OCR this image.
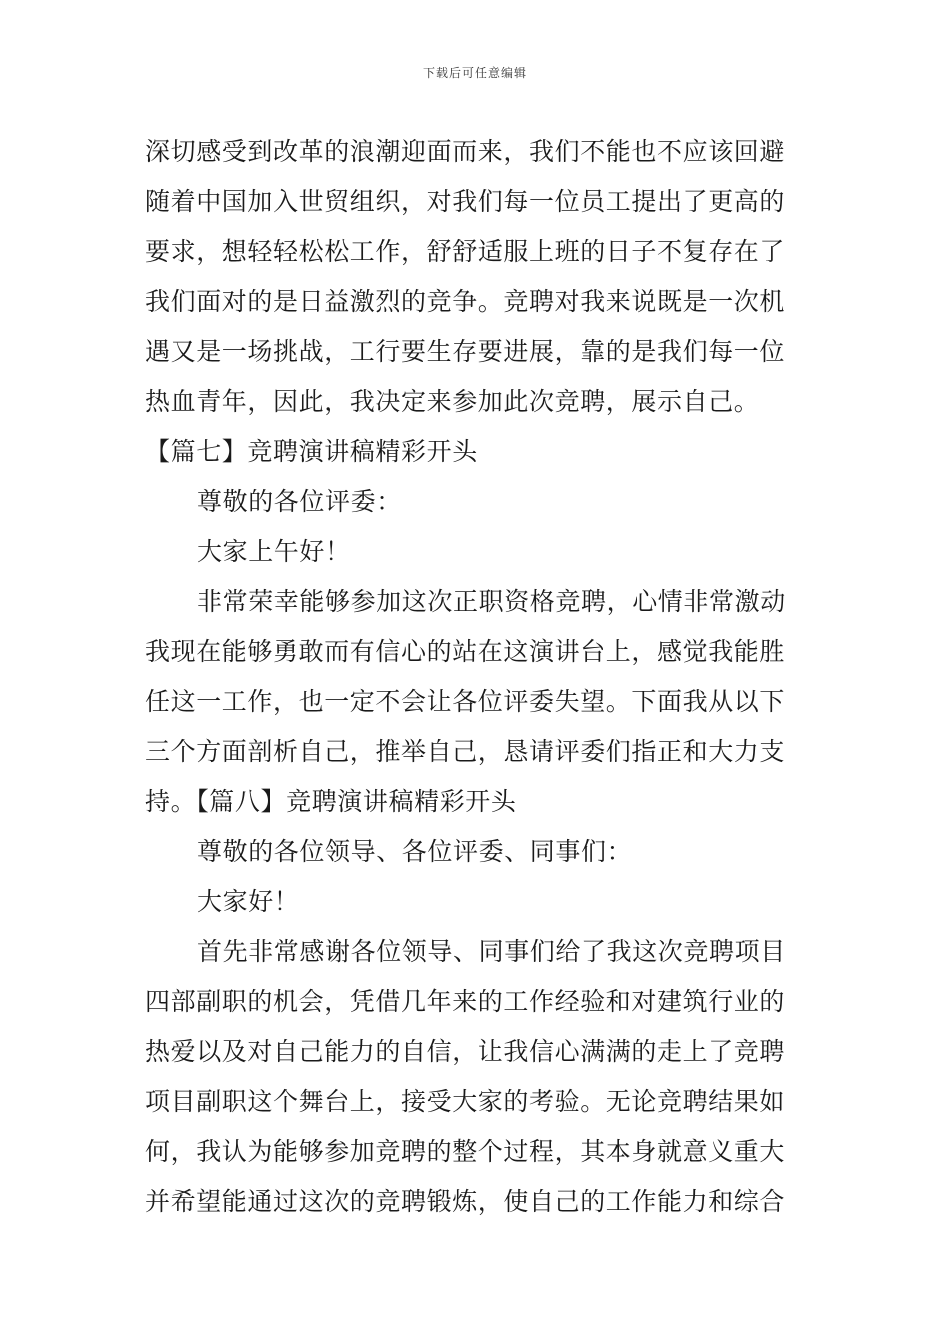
下载后可任意编辑
深切感受到改革的浪潮迎面而来，我们不能也不应该回避
随着中国加入世贸组织，对我们每一位员工提出了更高的
要求，想轻轻松松工作，舒舒适服上班的日子不复存在了
我们面对的是日益激烈的竞争。竞聘对我来说既是一次机
遇又是一场挑战，工行要生存要进展，靠的是我们每一位
热血青年，因此，我决定来参加此次竞聘，展示自己。
【篇七】竞聘演讲稿精彩开头
尊敬的各位评委：
大家上午好！
非常荣幸能够参加这次正职资格竞聘，心情非常激动
我现在能够勇敢而有信心的站在这演讲台上，感觉我能胜
任这一工作，也一定不会让各位评委失望。下面我从以下
三个方面剖析自己，推举自己，恳请评委们指正和大力支
持。【篇八】竞聘演讲稿精彩开头
尊敬的各位领导、各位评委、同事们：
大家好！
首先非常感谢各位领导、同事们给了我这次竞聘项目
四部副职的机会，凭借几年来的工作经验和对建筑行业的
热爱以及对自己能力的自信，让我信心满满的走上了竞聘
项目副职这个舞台上，接受大家的考验。无论竞聘结果如
何，我认为能够参加竞聘的整个过程，其本身就意义重大
并希望能通过这次的竞聘锻炼，使自己的工作能力和综合
